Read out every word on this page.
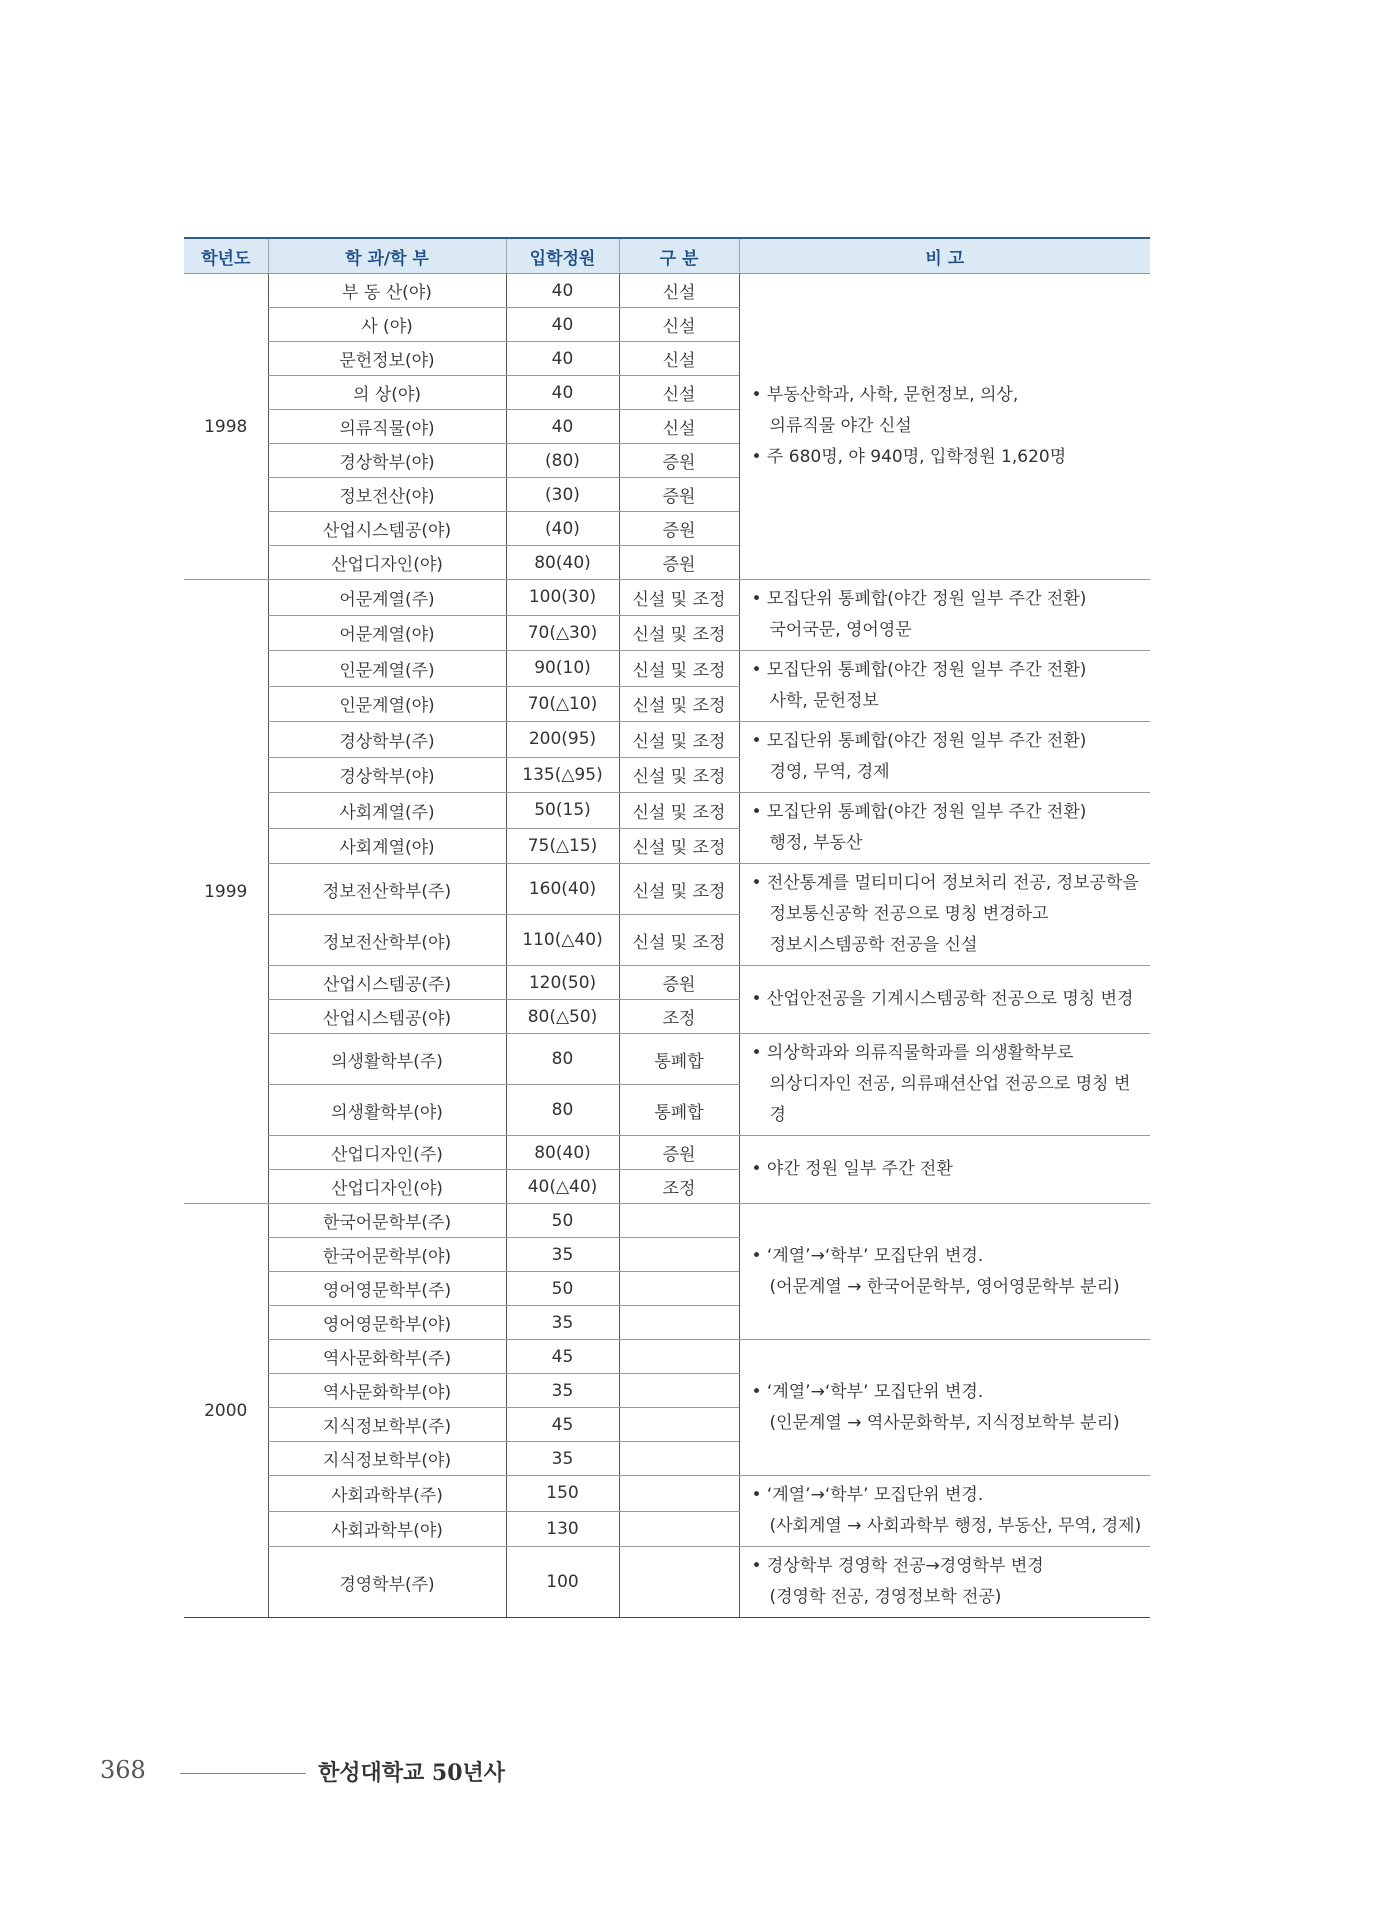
학년도	학 과/학 부	입학정원	구 분	비 고
1998	부 동 산(야)	40	신설	• 부동산학과, 사학, 문헌정보, 의상,
의류직물 야간 신설
• 주 680명, 야 940명, 입학정원 1,620명

	사 (야)	40	신설	
	문헌정보(야)	40	신설	
	의 상(야)	40	신설	
	의류직물(야)	40	신설	
	경상학부(야)	(80)	증원	
	정보전산(야)	(30)	증원	
	산업시스템공(야)	(40)	증원	
	산업디자인(야)	80(40)	증원	
1999	어문계열(주)	100(30)	신설 및 조정	• 모집단위 통폐합(야간 정원 일부 주간 전환)
국어국문, 영어영문

	어문계열(야)	70(△30)	신설 및 조정	
	인문계열(주)	90(10)	신설 및 조정	• 모집단위 통폐합(야간 정원 일부 주간 전환)
사학, 문헌정보

	인문계열(야)	70(△10)	신설 및 조정	
	경상학부(주)	200(95)	신설 및 조정	• 모집단위 통폐합(야간 정원 일부 주간 전환)
경영, 무역, 경제

	경상학부(야)	135(△95)	신설 및 조정	
	사회계열(주)	50(15)	신설 및 조정	• 모집단위 통폐합(야간 정원 일부 주간 전환)
행정, 부동산

	사회계열(야)	75(△15)	신설 및 조정	
	정보전산학부(주)	160(40)	신설 및 조정	• 전산통계를 멀티미디어 정보처리 전공, 정보공학을
정보통신공학 전공으로 명칭 변경하고
정보시스템공학 전공을 신설

	정보전산학부(야)	110(△40)	신설 및 조정	
	산업시스템공(주)	120(50)	증원	• 산업안전공을 기계시스템공학 전공으로 명칭 변경

	산업시스템공(야)	80(△50)	조정	
	의생활학부(주)	80	통폐합	• 의상학과와 의류직물학과를 의생활학부로
의상디자인 전공, 의류패션산업 전공으로 명칭 변경

	의생활학부(야)	80	통폐합	
	산업디자인(주)	80(40)	증원	• 야간 정원 일부 주간 전환

	산업디자인(야)	40(△40)	조정	
2000	한국어문학부(주)	50		• ‘계열’→‘학부’ 모집단위 변경.
(어문계열 → 한국어문학부, 영어영문학부 분리)

	한국어문학부(야)	35		
	영어영문학부(주)	50		
	영어영문학부(야)	35		
	역사문화학부(주)	45		• ‘계열’→‘학부’ 모집단위 변경.
(인문계열 → 역사문화학부, 지식정보학부 분리)

	역사문화학부(야)	35		
	지식정보학부(주)	45		
	지식정보학부(야)	35		
	사회과학부(주)	150		• ‘계열’→‘학부’ 모집단위 변경.
(사회계열 → 사회과학부 행정, 부동산, 무역, 경제)

	사회과학부(야)	130		
	경영학부(주)	100		• 경상학부 경영학 전공→경영학부 변경
(경영학 전공, 경영정보학 전공)
368	한성대학교 50년사
